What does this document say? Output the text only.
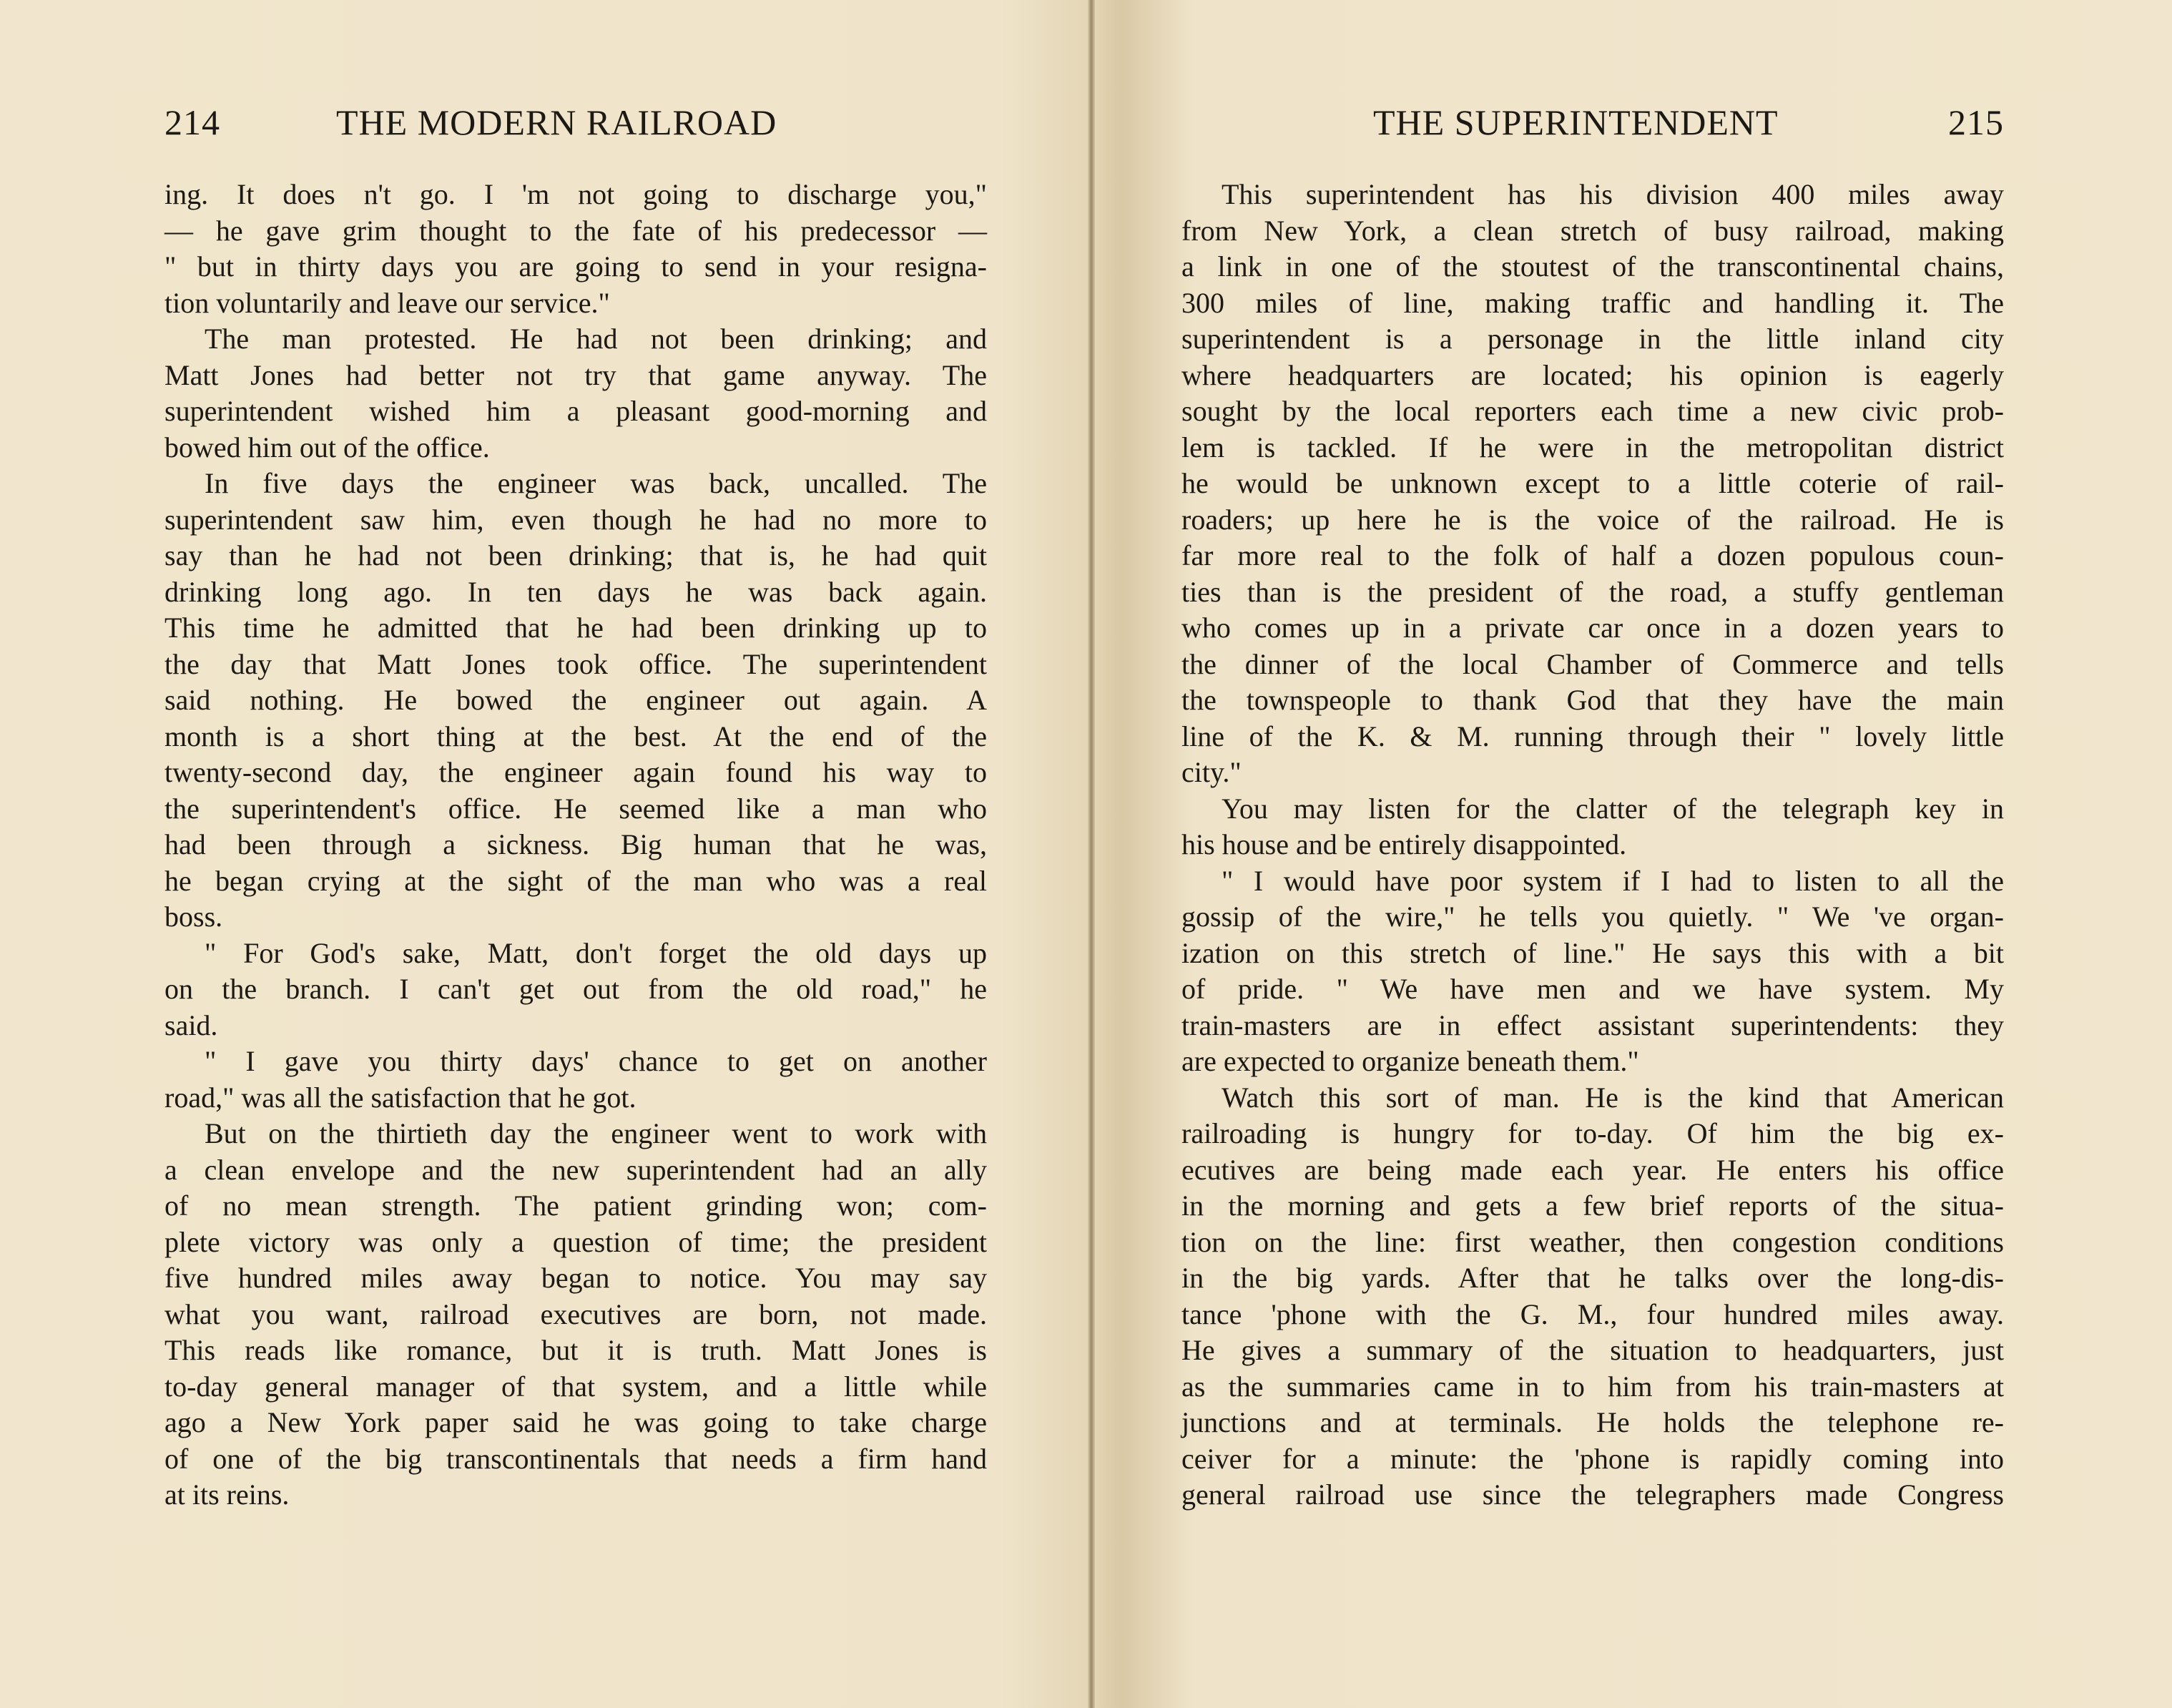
214	THE MODERN RAILROAD
ing. It does n't go. I 'm not going to discharge you,"
— he gave grim thought to the fate of his predecessor —
" but in thirty days you are going to send in your resigna-
tion voluntarily and leave our service."
The man protested. He had not been drinking; and
Matt Jones had better not try that game anyway. The
superintendent wished him a pleasant good-morning and
bowed him out of the office.
In five days the engineer was back, uncalled. The
superintendent saw him, even though he had no more to
say than he had not been drinking; that is, he had quit
drinking long ago. In ten days he was back again.
This time he admitted that he had been drinking up to
the day that Matt Jones took office. The superintendent
said nothing. He bowed the engineer out again. A
month is a short thing at the best. At the end of the
twenty-second day, the engineer again found his way to
the superintendent's office. He seemed like a man who
had been through a sickness. Big human that he was,
he began crying at the sight of the man who was a real
boss.
" For God's sake, Matt, don't forget the old days up
on the branch. I can't get out from the old road," he
said.
" I gave you thirty days' chance to get on another
road," was all the satisfaction that he got.
But on the thirtieth day the engineer went to work with
a clean envelope and the new superintendent had an ally
of no mean strength. The patient grinding won; com-
plete victory was only a question of time; the president
five hundred miles away began to notice. You may say
what you want, railroad executives are born, not made.
This reads like romance, but it is truth. Matt Jones is
to-day general manager of that system, and a little while
ago a New York paper said he was going to take charge
of one of the big transcontinentals that needs a firm hand
at its reins.
THE SUPERINTENDENT	215
This superintendent has his division 400 miles away
from New York, a clean stretch of busy railroad, making
a link in one of the stoutest of the transcontinental chains,
300 miles of line, making traffic and handling it. The
superintendent is a personage in the little inland city
where headquarters are located; his opinion is eagerly
sought by the local reporters each time a new civic prob-
lem is tackled. If he were in the metropolitan district
he would be unknown except to a little coterie of rail-
roaders; up here he is the voice of the railroad. He is
far more real to the folk of half a dozen populous coun-
ties than is the president of the road, a stuffy gentleman
who comes up in a private car once in a dozen years to
the dinner of the local Chamber of Commerce and tells
the townspeople to thank God that they have the main
line of the K. & M. running through their " lovely little
city."
You may listen for the clatter of the telegraph key in
his house and be entirely disappointed.
" I would have poor system if I had to listen to all the
gossip of the wire," he tells you quietly. " We 've organ-
ization on this stretch of line." He says this with a bit
of pride. " We have men and we have system. My
train-masters are in effect assistant superintendents: they
are expected to organize beneath them."
Watch this sort of man. He is the kind that American
railroading is hungry for to-day. Of him the big ex-
ecutives are being made each year. He enters his office
in the morning and gets a few brief reports of the situa-
tion on the line: first weather, then congestion conditions
in the big yards. After that he talks over the long-dis-
tance 'phone with the G. M., four hundred miles away.
He gives a summary of the situation to headquarters, just
as the summaries came in to him from his train-masters at
junctions and at terminals. He holds the telephone re-
ceiver for a minute: the 'phone is rapidly coming into
general railroad use since the telegraphers made Congress
